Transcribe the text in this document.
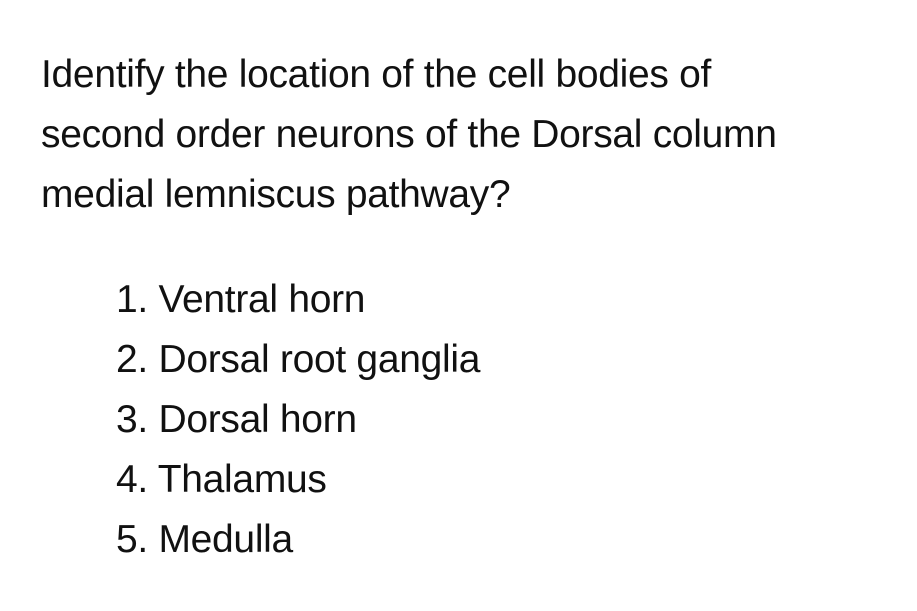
Identify the location of the cell bodies of
second order neurons of the Dorsal column
medial lemniscus pathway?
1. Ventral horn
2. Dorsal root ganglia
3. Dorsal horn
4. Thalamus
5. Medulla
